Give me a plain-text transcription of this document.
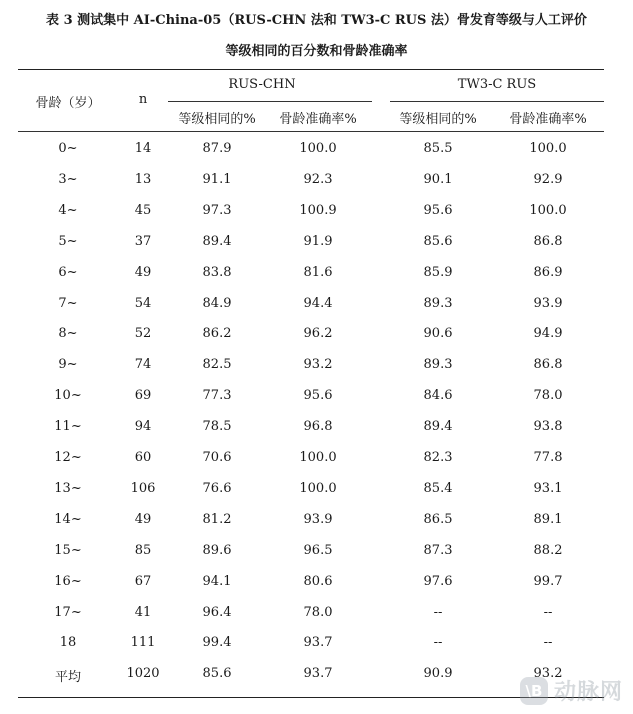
表 3 测试集中 AI-China-05（RUS-CHN 法和 TW3-C RUS 法）骨发育等级与人工评价
等级相同的百分数和骨龄准确率
骨龄（岁）	n
RUS-CHN	TW3-C RUS
等级相同的% 骨龄准确率%	等级相同的%	骨龄准确率%
0~	14	87.9	100.0	85.5	100.0
3~	13	91.1	92.3	90.1	92.9
4~	45	97.3	100.9	95.6	100.0
5~	37	89.4	91.9	85.6	86.8
6~	49	83.8	81.6	85.9	86.9
7~	54	84.9	94.4	89.3	93.9
8~	52	86.2	96.2	90.6	94.9
9~	74	82.5	93.2	89.3	86.8
10~	69	77.3	95.6	84.6	78.0
11~	94	78.5	96.8	89.4	93.8
12~	60	70.6	100.0	82.3	77.8
13~	106	76.6	100.0	85.4	93.1
14~	49	81.2	93.9	86.5	89.1
15~	85	89.6	96.5	87.3	88.2
16~	67	94.1	80.6	97.6	99.7
17~	41	96.4	78.0	--	--
18	111	99.4	93.7	--	--
平均	1020	85.6	93.7	90.9	93.2
\B 动脉网
